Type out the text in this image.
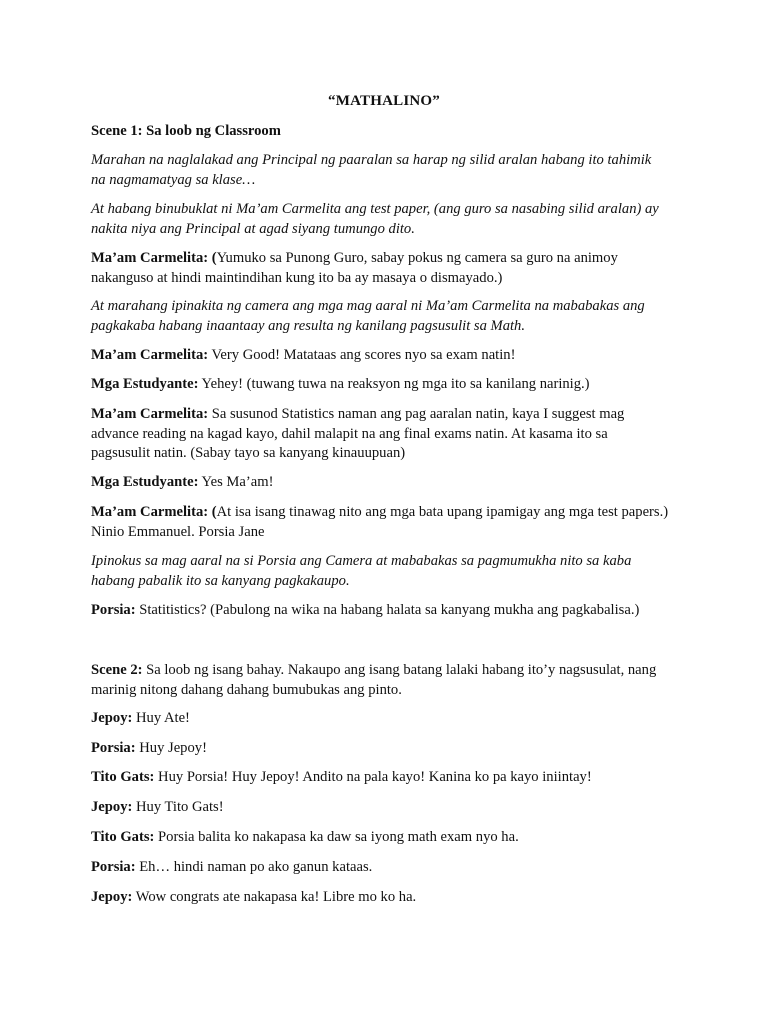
“MATHALINO”
Scene 1: Sa loob ng Classroom
Marahan na naglalakad ang Principal ng paaralan sa harap ng silid aralan habang ito tahimik na nagmamatyag sa klase…
At habang binubuklat ni Ma’am Carmelita ang test paper, (ang guro sa nasabing silid aralan) ay nakita niya ang Principal at agad siyang tumungo dito.
Ma’am Carmelita: (Yumuko sa Punong Guro, sabay pokus ng camera sa guro na animoy nakanguso at hindi maintindihan kung ito ba ay masaya o dismayado.)
At marahang ipinakita ng camera ang mga mag aaral ni Ma’am Carmelita na mababakas ang pagkakaba habang inaantaay ang resulta ng kanilang pagsusulit sa Math.
Ma’am Carmelita: Very Good! Matataas ang scores nyo sa exam natin!
Mga Estudyante: Yehey! (tuwang tuwa na reaksyon ng mga ito sa kanilang narinig.)
Ma’am Carmelita: Sa susunod Statistics naman ang pag aaralan natin, kaya I suggest mag advance reading na kagad kayo, dahil malapit na ang final exams natin. At kasama ito sa pagsusulit natin. (Sabay tayo sa kanyang kinauupuan)
Mga Estudyante: Yes Ma’am!
Ma’am Carmelita: (At isa isang tinawag nito ang mga bata upang ipamigay ang mga test papers.) Ninio Emmanuel. Porsia Jane
Ipinokus sa mag aaral na si Porsia ang Camera at mababakas sa pagmumukha nito sa kaba habang pabalik ito sa kanyang pagkakaupo.
Porsia: Statitistics? (Pabulong na wika na habang halata sa kanyang mukha ang pagkabalisa.)
Scene 2: Sa loob ng isang bahay. Nakaupo ang isang batang lalaki habang ito’y nagsusulat, nang marinig nitong dahang dahang bumubukas ang pinto.
Jepoy: Huy Ate!
Porsia: Huy Jepoy!
Tito Gats: Huy Porsia! Huy Jepoy! Andito na pala kayo! Kanina ko pa kayo iniintay!
Jepoy: Huy Tito Gats!
Tito Gats: Porsia balita ko nakapasa ka daw sa iyong math exam nyo ha.
Porsia: Eh… hindi naman po ako ganun kataas.
Jepoy: Wow congrats ate nakapasa ka! Libre mo ko ha.
